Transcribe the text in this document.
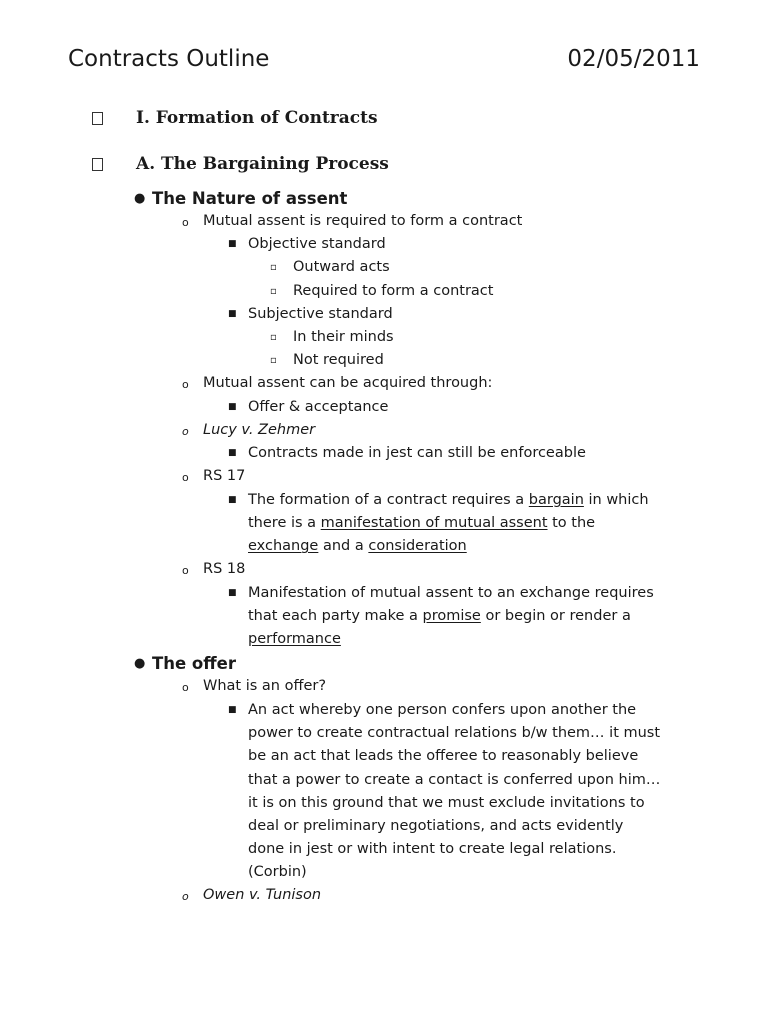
Contracts Outline	02/05/2011
I. Formation of Contracts
A. The Bargaining Process
● The Nature of assent
o Mutual assent is required to form a contract
■ Objective standard
▫	Outward acts
▫	Required to form a contract
■ Subjective standard
▫	In their minds
▫	Not required
o Mutual assent can be acquired through:
■ Offer & acceptance
o Lucy v. Zehmer
■ Contracts made in jest can still be enforceable
o RS 17
■ The formation of a contract requires a bargain in which
there is a manifestation of mutual assent to the
exchange and a consideration
o RS 18
■ Manifestation of mutual assent to an exchange requires
that each party make a promise or begin or render a
performance
● The offer
o What is an offer?
■ An act whereby one person confers upon another the
power to create contractual relations b/w them… it must
be an act that leads the offeree to reasonably believe
that a power to create a contact is conferred upon him…
it is on this ground that we must exclude invitations to
deal or preliminary negotiations, and acts evidently
done in jest or with intent to create legal relations.
(Corbin)
o Owen v. Tunison
